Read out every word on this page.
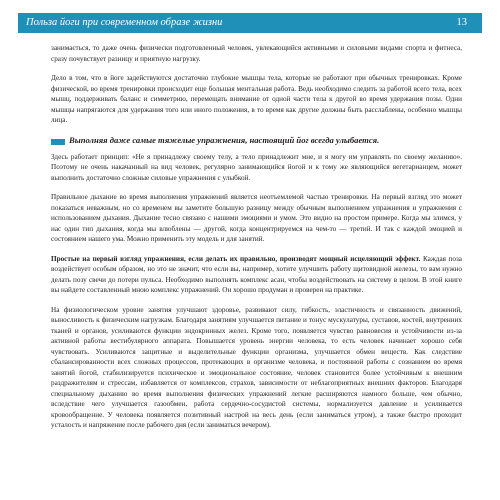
Польза йоги при современном образе жизни	13

занимається, то даже очень физически подготовленный человек, увлекающийся активными и силовыми видами спорта и фитнеса, сразу почувствует разницу и приятную нагрузку.

Дело в том, что в йоге задействуются достаточно глубокие мышцы тела, которые не работают при обычных тренировках. Кроме физической, во время тренировки происходит еще большая ментальная работа. Ведь необходимо следить за работой всего тела, всех мышц, поддерживать баланс и симметрию, перемещать внимание от одной части тела к другой во время удержания позы. Одни мышцы напрягаются для удержания того или иного положения, в то время как другие должны быть расслаблены, особенно мышцы лица.

Выполняя даже самые тяжелые упражнения, настоящий йог всегда улыбается.

Здесь работает принцип: «Не я принадлежу своему телу, а тело принадлежит мне, и я могу им управлять по своему желанию». Поэтому не очень накачанный на вид человек, регулярно занимающийся йогой и к тому же являющийся вегетарианцем, может выполнить достаточно сложные силовые упражнения с улыбкой.

Правильное дыхание во время выполнения упражнений является неотъемлемой частью тренировки. На первый взгляд это может показаться неважным, но со временем вы заметите большую разницу между обычным выполнением упражнения и упражнения с использованием дыхания. Дыхание тесно связано с нашими эмоциями и умом. Это видно на простом примере. Когда мы злимся, у нас один тип дыхания, когда мы влюблены — другой, когда концентрируемся на чем-то — третий. И так с каждой эмоцией и состоянием нашего ума. Можно применить эту модель и для занятий.

Простые на первый взгляд упражнения, если делать их правильно, производят мощный исцеляющий эффект. Каждая поза воздействует особым образом, но это не значит, что если вы, например, хотите улучшить работу щитовидной железы, то вам нужно делать позу свечи до потери пульса. Необходимо выполнять комплекс асан, чтобы воздействовать на систему в целом. В этой книге вы найдете составленный мною комплекс упражнений. Он хорошо продуман и проверен на практике.

На физиологическом уровне занятия улучшают здоровье, развивают силу, гибкость, эластичность и связанность движений, выносливость к физическим нагрузкам. Благодаря занятиям улучшается питание и тонус мускулатуры, суставов, костей, внутренних тканей и органов, усиливаются функции эндокринных желез. Кроме того, появляется чувство равновесия и устойчивости из-за активной работы вестибулярного аппарата. Повышается уровень энергии человека, то есть человек начинает хорошо себя чувствовать. Усиливаются защитные и выделительные функции организма, улучшается обмен веществ. Как следствие сбалансированности всех сложных процессов, протекающих в организме человека, и постоянной работы с сознанием во время занятий йогой, стабилизируется психическое и эмоциональное состояние, человек становится более устойчивым к внешним раздражителям и стрессам, избавляется от комплексов, страхов, зависимости от неблагоприятных внешних факторов. Благодаря специальному дыханию во время выполнения физических упражнений легкие расширяются намного больше, чем обычно, вследствие чего улучшается газообмен, работа сердечно-сосудистой системы, нормализуется давление и усиливается кровообращение. У человека появляется позитивный настрой на весь день (если заниматься утром), а также быстро проходит усталость и напряжение после рабочего дня (если заниматься вечером).
